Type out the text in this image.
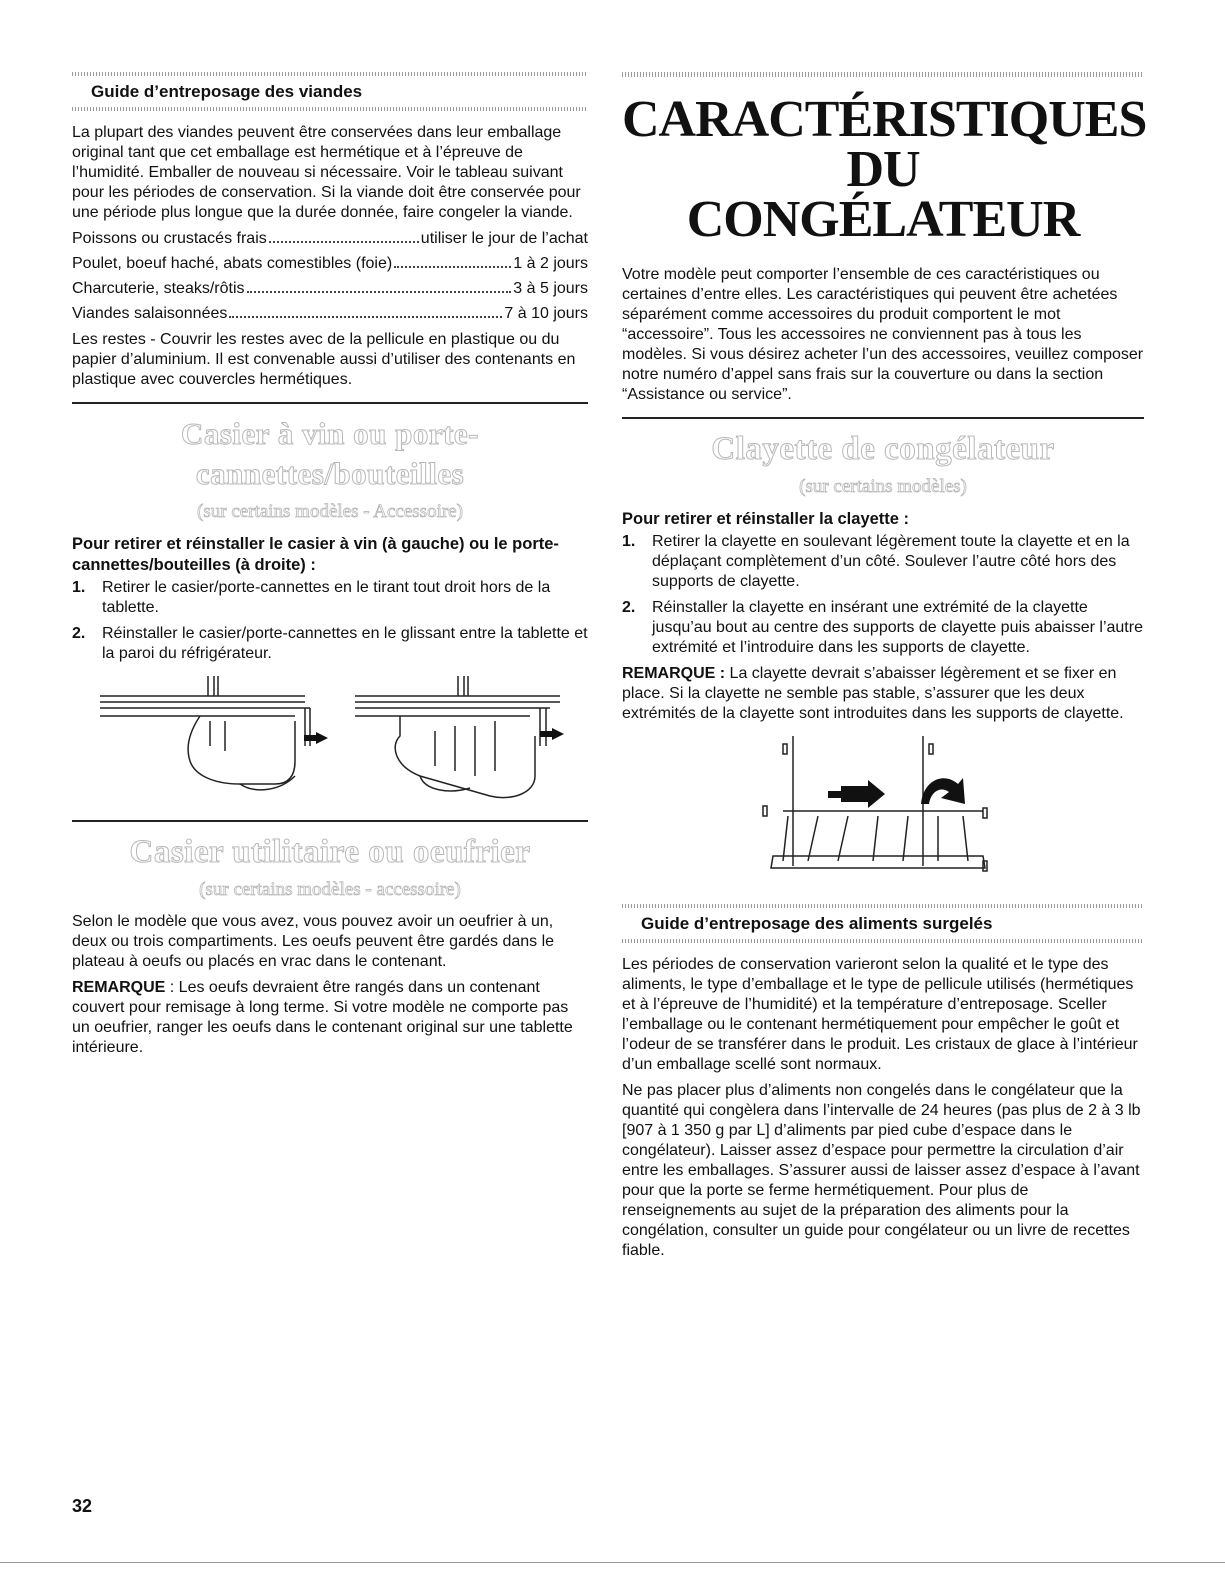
Guide d’entreposage des viandes

La plupart des viandes peuvent être conservées dans leur emballage original tant que cet emballage est hermétique et à l’épreuve de l’humidité. Emballer de nouveau si nécessaire. Voir le tableau suivant pour les périodes de conservation. Si la viande doit être conservée pour une période plus longue que la durée donnée, faire congeler la viande.

Poissons ou crustacés frais	utiliser le jour de l’achat
Poulet, boeuf haché, abats comestibles (foie)	1 à 2 jours
Charcuterie, steaks/rôtis	3 à 5 jours
Viandes salaisonnées	7 à 10 jours

Les restes - Couvrir les restes avec de la pellicule en plastique ou du papier d’aluminium. Il est convenable aussi d’utiliser des contenants en plastique avec couvercles hermétiques.

Casier à vin ou porte-cannettes/bouteilles
(sur certains modèles - Accessoire)
Pour retirer et réinstaller le casier à vin (à gauche) ou le porte-cannettes/bouteilles (à droite) :
1.	Retirer le casier/porte-cannettes en le tirant tout droit hors de la tablette.
2.	Réinstaller le casier/porte-cannettes en le glissant entre la tablette et la paroi du réfrigérateur.
Casier utilitaire ou oeufrier
(sur certains modèles - accessoire)

Selon le modèle que vous avez, vous pouvez avoir un oeufrier à un, deux ou trois compartiments. Les oeufs peuvent être gardés dans le plateau à oeufs ou placés en vrac dans le contenant.

REMARQUE : Les oeufs devraient être rangés dans un contenant couvert pour remisage à long terme. Si votre modèle ne comporte pas un oeufrier, ranger les oeufs dans le contenant original sur une tablette intérieure.

CARACTÉRISTIQUES DU
CONGÉLATEUR

Votre modèle peut comporter l’ensemble de ces caractéristiques ou certaines d’entre elles. Les caractéristiques qui peuvent être achetées séparément comme accessoires du produit comportent le mot “accessoire”. Tous les accessoires ne conviennent pas à tous les modèles. Si vous désirez acheter l’un des accessoires, veuillez composer notre numéro d’appel sans frais sur la couverture ou dans la section “Assistance ou service”.

Clayette de congélateur
(sur certains modèles)
Pour retirer et réinstaller la clayette :
1.	Retirer la clayette en soulevant légèrement toute la clayette et en la déplaçant complètement d’un côté. Soulever l’autre côté hors des supports de clayette.
2.	Réinstaller la clayette en insérant une extrémité de la clayette jusqu’au bout au centre des supports de clayette puis abaisser l’autre extrémité et l’introduire dans les supports de clayette.

REMARQUE : La clayette devrait s’abaisser légèrement et se fixer en place. Si la clayette ne semble pas stable, s’assurer que les deux extrémités de la clayette sont introduites dans les supports de clayette.

Guide d’entreposage des aliments surgelés

Les périodes de conservation varieront selon la qualité et le type des aliments, le type d’emballage et le type de pellicule utilisés (hermétiques et à l’épreuve de l’humidité) et la température d’entreposage. Sceller l’emballage ou le contenant hermétiquement pour empêcher le goût et l’odeur de se transférer dans le produit. Les cristaux de glace à l’intérieur d’un emballage scellé sont normaux.

Ne pas placer plus d’aliments non congelés dans le congélateur que la quantité qui congèlera dans l’intervalle de 24 heures (pas plus de 2 à 3 lb [907 à 1 350 g par L] d’aliments par pied cube d’espace dans le congélateur). Laisser assez d’espace pour permettre la circulation d’air entre les emballages. S’assurer aussi de laisser assez d’espace à l’avant pour que la porte se ferme hermétiquement. Pour plus de renseignements au sujet de la préparation des aliments pour la congélation, consulter un guide pour congélateur ou un livre de recettes fiable.

32
